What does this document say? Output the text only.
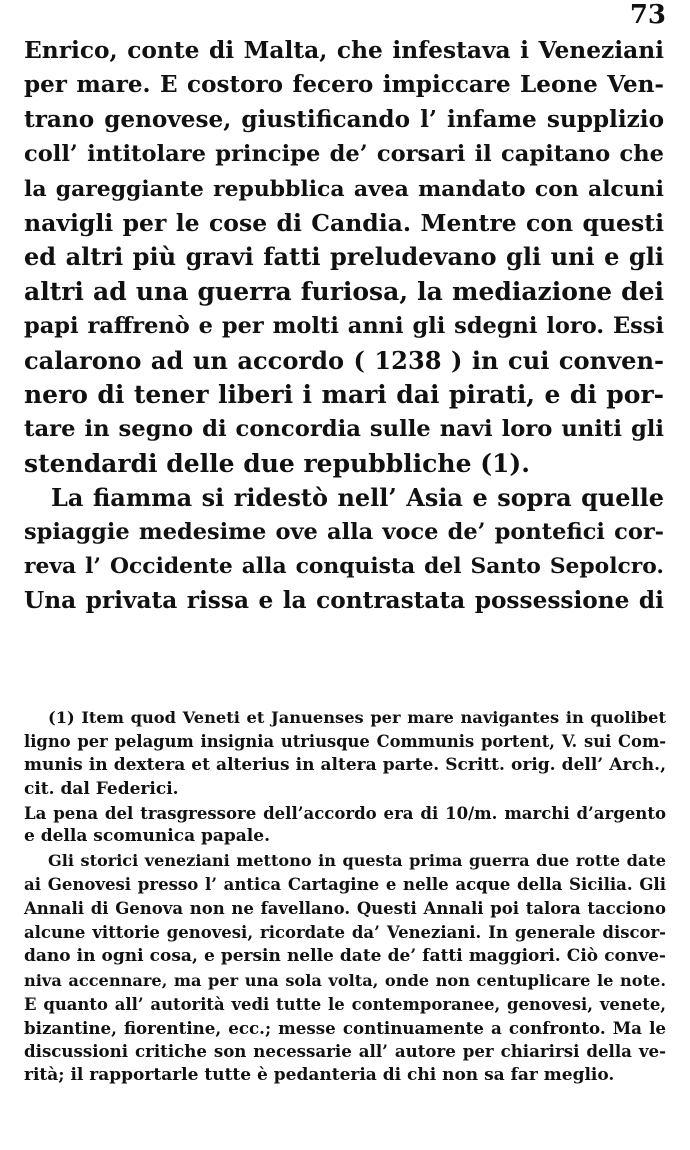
73
Enrico, conte di Malta, che infestava i Veneziani
per mare. E costoro fecero impiccare Leone Ven-
trano genovese, giustificando l’ infame supplizio
coll’ intitolare principe de’ corsari il capitano che
la gareggiante repubblica avea mandato con alcuni
navigli per le cose di Candia. Mentre con questi
ed altri più gravi fatti preludevano gli uni e gli
altri ad una guerra furiosa, la mediazione dei
papi raffrenò e per molti anni gli sdegni loro. Essi
calarono ad un accordo ( 1238 ) in cui conven-
nero di tener liberi i mari dai pirati, e di por-
tare in segno di concordia sulle navi loro uniti gli
stendardi delle due repubbliche (1).
La fiamma si ridestò nell’ Asia e sopra quelle
spiaggie medesime ove alla voce de’ pontefici cor-
reva l’ Occidente alla conquista del Santo Sepolcro.
Una privata rissa e la contrastata possessione di
(1) Item quod Veneti et Januenses per mare navigantes in quolibet
ligno per pelagum insignia utriusque Communis portent, V. sui Com-
munis in dextera et alterius in altera parte. Scritt. orig. dell’ Arch.,
cit. dal Federici.
La pena del trasgressore dell’accordo era di 10/m. marchi d’argento
e della scomunica papale.
Gli storici veneziani mettono in questa prima guerra due rotte date
ai Genovesi presso l’ antica Cartagine e nelle acque della Sicilia. Gli
Annali di Genova non ne favellano. Questi Annali poi talora tacciono
alcune vittorie genovesi, ricordate da’ Veneziani. In generale discor-
dano in ogni cosa, e persin nelle date de’ fatti maggiori. Ciò conve-
niva accennare, ma per una sola volta, onde non centuplicare le note.
E quanto all’ autorità vedi tutte le contemporanee, genovesi, venete,
bizantine, fiorentine, ecc.; messe continuamente a confronto. Ma le
discussioni critiche son necessarie all’ autore per chiarirsi della ve-
rità; il rapportarle tutte è pedanteria di chi non sa far meglio.
